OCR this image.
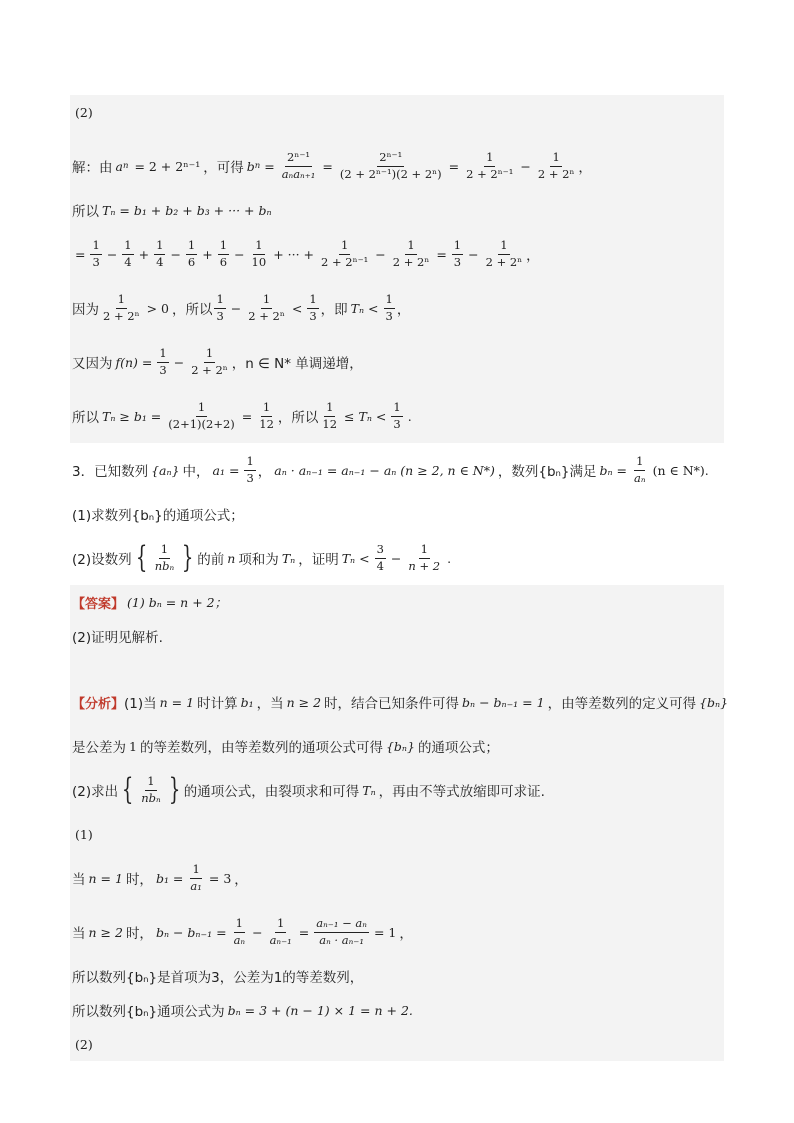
(2)
解：由 a n = 2 + 2ⁿ⁻¹ ，可得 b $n = \frac{\text{2ⁿ⁻¹}}{\text{aₙaₙ₊₁}} = \frac{\text{2ⁿ⁻¹}}{\text{(2 + 2ⁿ⁻¹)(2 + 2ⁿ)}} = \frac{1}{\text{2 + 2ⁿ⁻¹}} - \frac{1}{\text{2 + 2ⁿ}}$ ，
所以 Tₙ = b₁ + b₂ + b₃ + ··· + bₙ
= $\frac{1}{3} - \frac{1}{4} + \frac{1}{4} - \frac{1}{6} + \frac{1}{6} - \frac{1}{10}$ + ··· + $\frac{1}{\text{2 + 2ⁿ⁻¹}} - \frac{1}{\text{2 + 2ⁿ}} = \frac{1}{3} - \frac{1}{\text{2 + 2ⁿ}}$ ，
因为 $\frac{1}{\text{2 + 2ⁿ}} > 0$ ，所以 $\frac{1}{3} - \frac{1}{\text{2 + 2ⁿ}} < \frac{1}{3}$ ，即 $T_n < \frac{1}{3}$ ，
又因为 $f(n) = \frac{1}{3} - \frac{1}{\text{2 + 2ⁿ}}$ ，n ∈ N* 单调递增，
所以 $T_n \ge b_1 = \frac{1}{(2+1)(2+2)} = \frac{1}{12}$ ，所以 $\frac{1}{12} \le T_n < \frac{1}{3}$ .
3．已知数列 {aₙ} 中， $a_1 = \frac{1}{3}$ ， aₙ · aₙ₋₁ = aₙ₋₁ − aₙ (n ≥ 2, n ∈ N*) ，数列{bₙ}满足 $b_n = \frac{1}{\text{aₙ}} (n$ ∈ N*).
(1)求数列{bₙ}的通项公式；
(2)设数列 { $\frac{1}{\text{nbₙ}}$ } 的前 n 项和为 Tₙ ，证明 $T_n < \frac{3}{4} - \frac{1}{n + 2}$ .
【答案】 (1) bₙ = n + 2；
(2)证明见解析.
【分析】 (1)当 n = 1 时计算 b₁ ，当 n ≥ 2 时，结合已知条件可得 bₙ − bₙ₋₁ = 1 ，由等差数列的定义可得 {bₙ}
是公差为 1 的等差数列，由等差数列的通项公式可得 {bₙ} 的通项公式；
(2)求出 { $\frac{1}{\text{nbₙ}}$ } 的通项公式，由裂项求和可得 Tₙ ，再由不等式放缩即可求证.
(1)
当 n = 1 时， $b_1 = \frac{1}{\text{a₁}} = 3$ ，
当 n ≥ 2 时， $b_n - b_{n-1} = \frac{1}{\text{aₙ}} - \frac{1}{\text{aₙ₋₁}} = \frac{\text{aₙ₋₁ − aₙ}}{\text{aₙ · aₙ₋₁}} = 1$ ，
所以数列{bₙ}是首项为3，公差为1的等差数列，
所以数列{bₙ}通项公式为 bₙ = 3 + (n − 1) × 1 = n + 2.
(2)
